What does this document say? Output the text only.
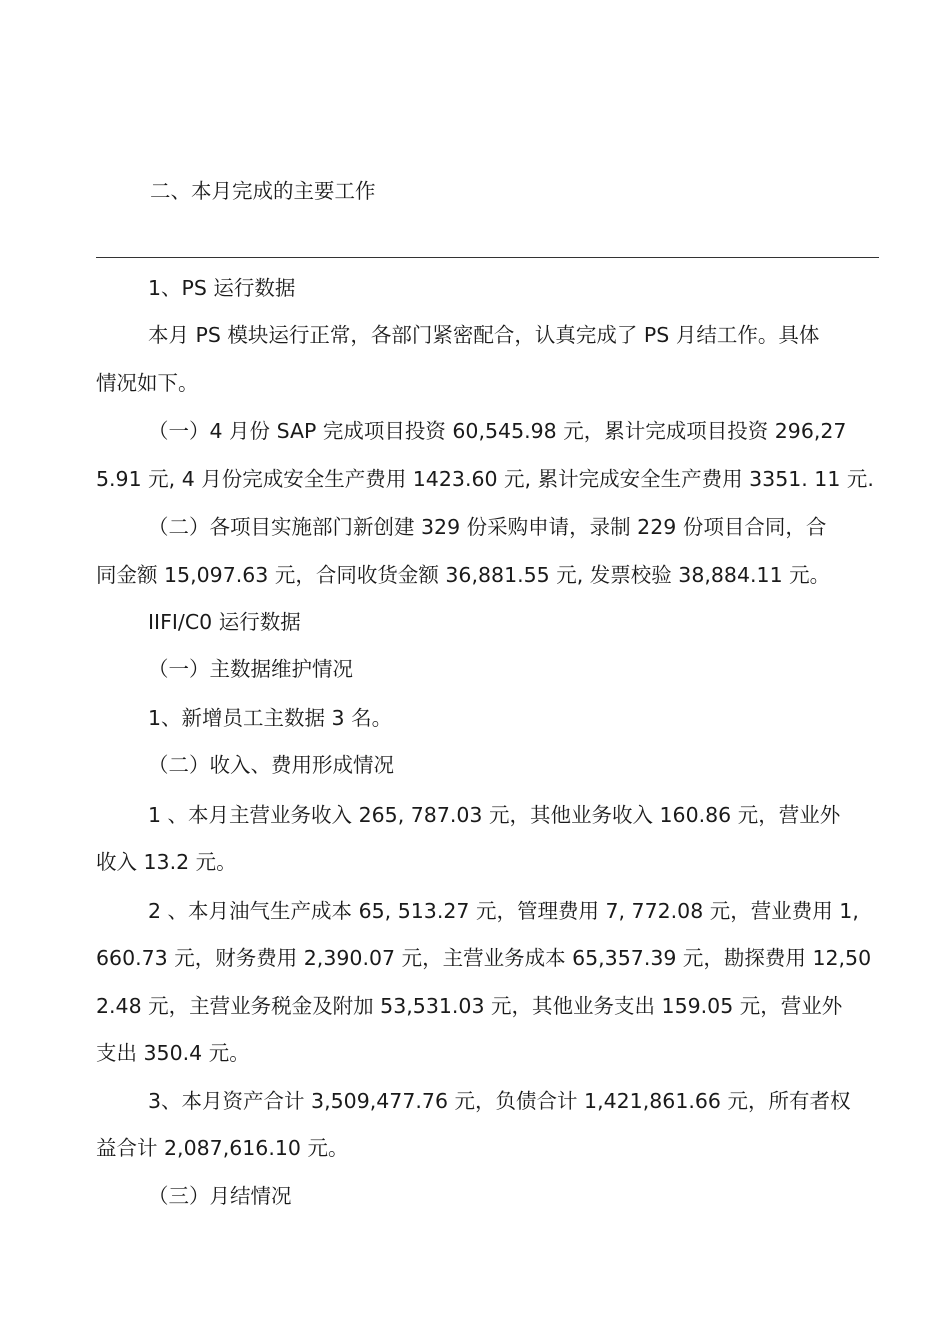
二、本月完成的主要工作
1、PS 运行数据
本月 PS 模块运行正常，各部门紧密配合，认真完成了 PS 月结工作。具体
情况如下。
（一）4 月份 SAP 完成项目投资 60,545.98 元，累计完成项目投资 296,27
5.91 元, 4 月份完成安全生产费用 1423.60 元, 累计完成安全生产费用 3351. 11 元.
（二）各项目实施部门新创建 329 份采购申请，录制 229 份项目合同，合
同金额 15,097.63 元，合同收货金额 36,881.55 元, 发票校验 38,884.11 元。
IIFI/C0 运行数据
（一）主数据维护情况
1、新增员工主数据 3 名。
（二）收入、费用形成情况
1 、本月主营业务收入 265, 787.03 元，其他业务收入 160.86 元，营业外
收入 13.2 元。
2 、本月油气生产成本 65, 513.27 元，管理费用 7, 772.08 元，营业费用 1,
660.73 元，财务费用 2,390.07 元，主营业务成本 65,357.39 元，勘探费用 12,50
2.48 元，主营业务税金及附加 53,531.03 元，其他业务支出 159.05 元，营业外
支出 350.4 元。
3、本月资产合计 3,509,477.76 元，负债合计 1,421,861.66 元，所有者权
益合计 2,087,616.10 元。
（三）月结情况
